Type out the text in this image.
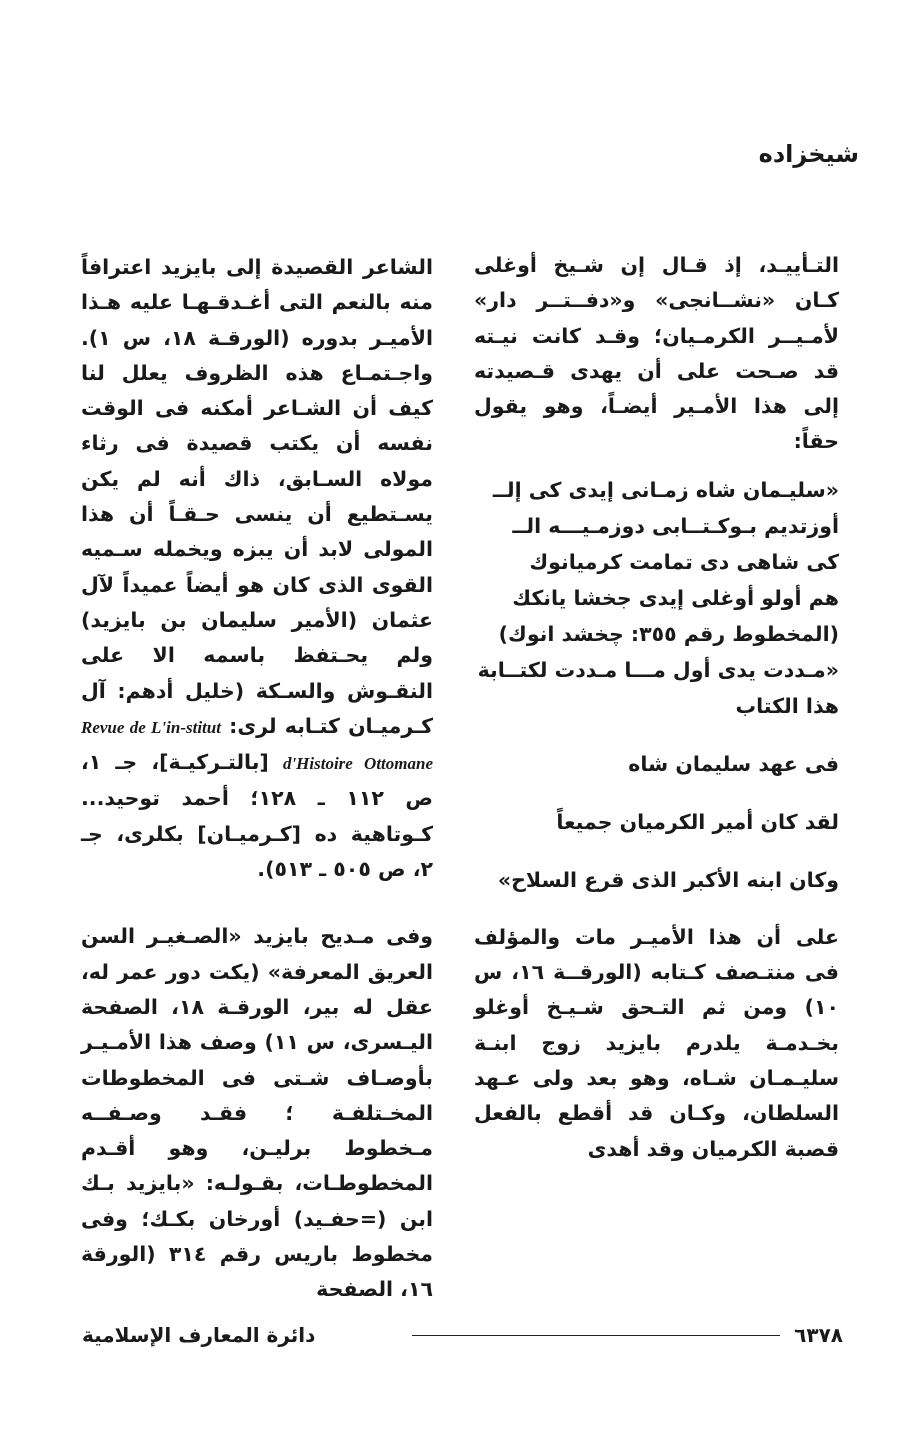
شيخزاده

التـأييـد، إذ قـال إن شـيخ أوغلى كـان «نشــانجى» و«دفــتــر دار» لأمـيــر الكرمـيان؛ وقـد كانت نيـته قد صـحت على أن يهدى قـصيدته إلى هذا الأمـير أيضـاً، وهو يقول حقاً:

«سليـمان شاه زمـانى إيدى كى إلــ

أوزتديم بـوكـتــابى دوزمـيـــه الــ

كى شاهى دى تمامت كرميانوك

هم أولو أوغلى إيدى جخشا يانكك

(المخطوط رقم ٣٥٥: چخشد انوك)

«مـددت يدى أول مـــا مـددت لكتــابة هذا الكتاب

فى عهد سليمان شاه

لقد كان أمير الكرميان جميعاً

وكان ابنه الأكبر الذى قرع السلاح»

على أن هذا الأميـر مات والمؤلف فى منتـصف كـتابه (الورقــة ١٦، س ١٠) ومن ثم التـحق شـيـخ أوغلو بخـدمـة يلدرم بايزيد زوج ابنـة سليـمـان شـاه، وهو بعد ولى عـهد السلطان، وكـان قد أقطع بالفعل قصبة الكرميان وقد أهدى

الشاعر القصيدة إلى بايزيد اعترافاً منه بالنعم التى أغـدقـهـا عليه هـذا الأميـر بدوره (الورقـة ١٨، س ١). واجـتمـاع هذه الظروف يعلل لنا كيف أن الشـاعر أمكنه فى الوقت نفسه أن يكتب قصيدة فى رثاء مولاه السـابق، ذاك أنه لم يكن يسـتطيع أن ينسى حـقـاً أن هذا المولى لابد أن يبزه ويخمله سـميه القوى الذى كان هو أيضاً عميداً لآل عثمان (الأمير سليمان بن بايزيد) ولم يحـتفظ باسمه الا على النقـوش والسـكة (خليل أدهم: آل كـرميـان كتـابه لرى: Revue de L'in-stitut d'Histoire Ottomane [بالتـركيـة]، جـ ١، ص ١١٢ ـ ١٢٨؛ أحمد توحيد... كـوتاهية ده [كـرميـان] بكلرى، جـ ٢، ص ٥٠٥ ـ ٥١٣).

وفى مـديح بايزيد «الصـغيـر السن العريق المعرفة» (يكت دور عمر له، عقل له بير، الورقـة ١٨، الصفحة اليـسرى، س ١١) وصف هذا الأمـيـر بأوصـاف شـتى فى المخطوطات المخـتلفـة ؛ فقـد وصـفــه مـخطوط برليـن، وهو أقـدم المخطوطـات، بقـولـه: «بايزيد بـك ابن (=حفـيد) أورخان بكـك؛ وفى مخطوط باريس رقم ٣١٤ (الورقة ١٦، الصفحة

٦٣٧٨
دائرة المعارف الإسلامية
